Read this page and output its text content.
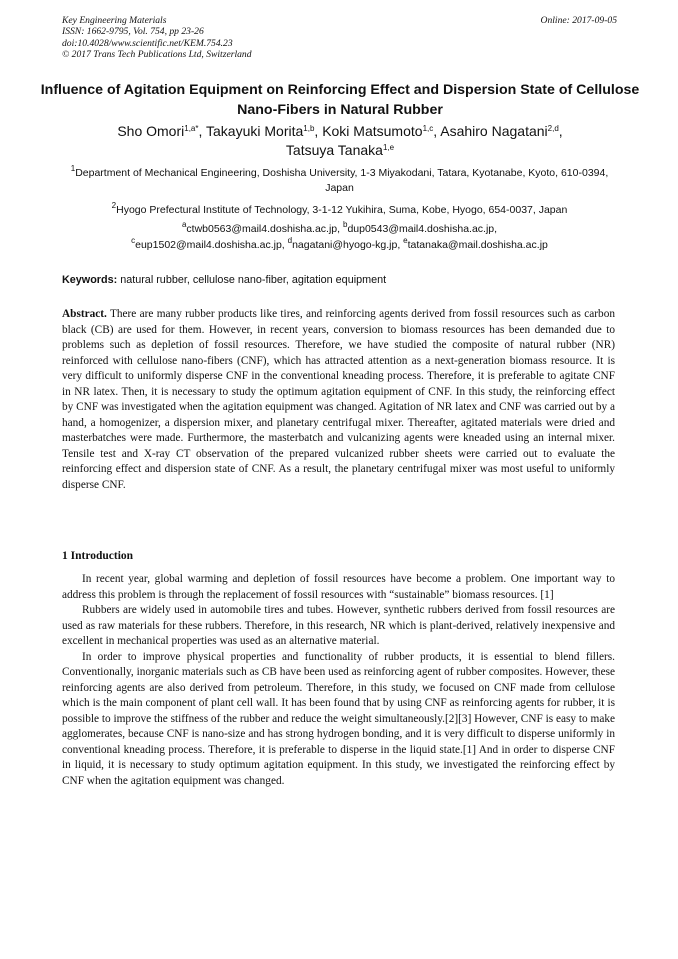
Key Engineering Materials
ISSN: 1662-9795, Vol. 754, pp 23-26
doi:10.4028/www.scientific.net/KEM.754.23
© 2017 Trans Tech Publications Ltd, Switzerland
Online: 2017-09-05
Influence of Agitation Equipment on Reinforcing Effect and Dispersion State of Cellulose Nano-Fibers in Natural Rubber
Sho Omori$^{1,a*}$, Takayuki Morita$^{1,b}$, Koki Matsumoto$^{1,c}$, Asahiro Nagatani$^{2,d}$,
Tatsuya Tanaka$^{1,e}$
$^1$Department of Mechanical Engineering, Doshisha University, 1-3 Miyakodani, Tatara, Kyotanabe, Kyoto, 610-0394, Japan
$^2$Hyogo Prefectural Institute of Technology, 3-1-12 Yukihira, Suma, Kobe, Hyogo, 654-0037, Japan
$^a$ctwb0563@mail4.doshisha.ac.jp, $^b$dup0543@mail4.doshisha.ac.jp,
$^c$eup1502@mail4.doshisha.ac.jp, $^d$nagatani@hyogo-kg.jp, $^e$tatanaka@mail.doshisha.ac.jp
Keywords: natural rubber, cellulose nano-fiber, agitation equipment
Abstract. There are many rubber products like tires, and reinforcing agents derived from fossil resources such as carbon black (CB) are used for them. However, in recent years, conversion to biomass resources has been demanded due to problems such as depletion of fossil resources. Therefore, we have studied the composite of natural rubber (NR) reinforced with cellulose nano-fibers (CNF), which has attracted attention as a next-generation biomass resource. It is very difficult to uniformly disperse CNF in the conventional kneading process. Therefore, it is preferable to agitate CNF in NR latex. Then, it is necessary to study the optimum agitation equipment of CNF. In this study, the reinforcing effect by CNF was investigated when the agitation equipment was changed. Agitation of NR latex and CNF was carried out by a hand, a homogenizer, a dispersion mixer, and planetary centrifugal mixer. Thereafter, agitated materials were dried and masterbatches were made. Furthermore, the masterbatch and vulcanizing agents were kneaded using an internal mixer. Tensile test and X-ray CT observation of the prepared vulcanized rubber sheets were carried out to evaluate the reinforcing effect and dispersion state of CNF. As a result, the planetary centrifugal mixer was most useful to uniformly disperse CNF.
1 Introduction

In recent year, global warming and depletion of fossil resources have become a problem. One important way to address this problem is through the replacement of fossil resources with “sustainable” biomass resources. [1]

Rubbers are widely used in automobile tires and tubes. However, synthetic rubbers derived from fossil resources are used as raw materials for these rubbers. Therefore, in this research, NR which is plant-derived, relatively inexpensive and excellent in mechanical properties was used as an alternative material.

In order to improve physical properties and functionality of rubber products, it is essential to blend fillers. Conventionally, inorganic materials such as CB have been used as reinforcing agent of rubber composites. However, these reinforcing agents are also derived from petroleum. Therefore, in this study, we focused on CNF made from cellulose which is the main component of plant cell wall. It has been found that by using CNF as reinforcing agents for rubber, it is possible to improve the stiffness of the rubber and reduce the weight simultaneously.[2][3] However, CNF is easy to make agglomerates, because CNF is nano-size and has strong hydrogen bonding, and it is very difficult to disperse uniformly in conventional kneading process. Therefore, it is preferable to disperse in the liquid state.[1] And in order to disperse CNF in liquid, it is necessary to study optimum agitation equipment. In this study, we investigated the reinforcing effect by CNF when the agitation equipment was changed.
